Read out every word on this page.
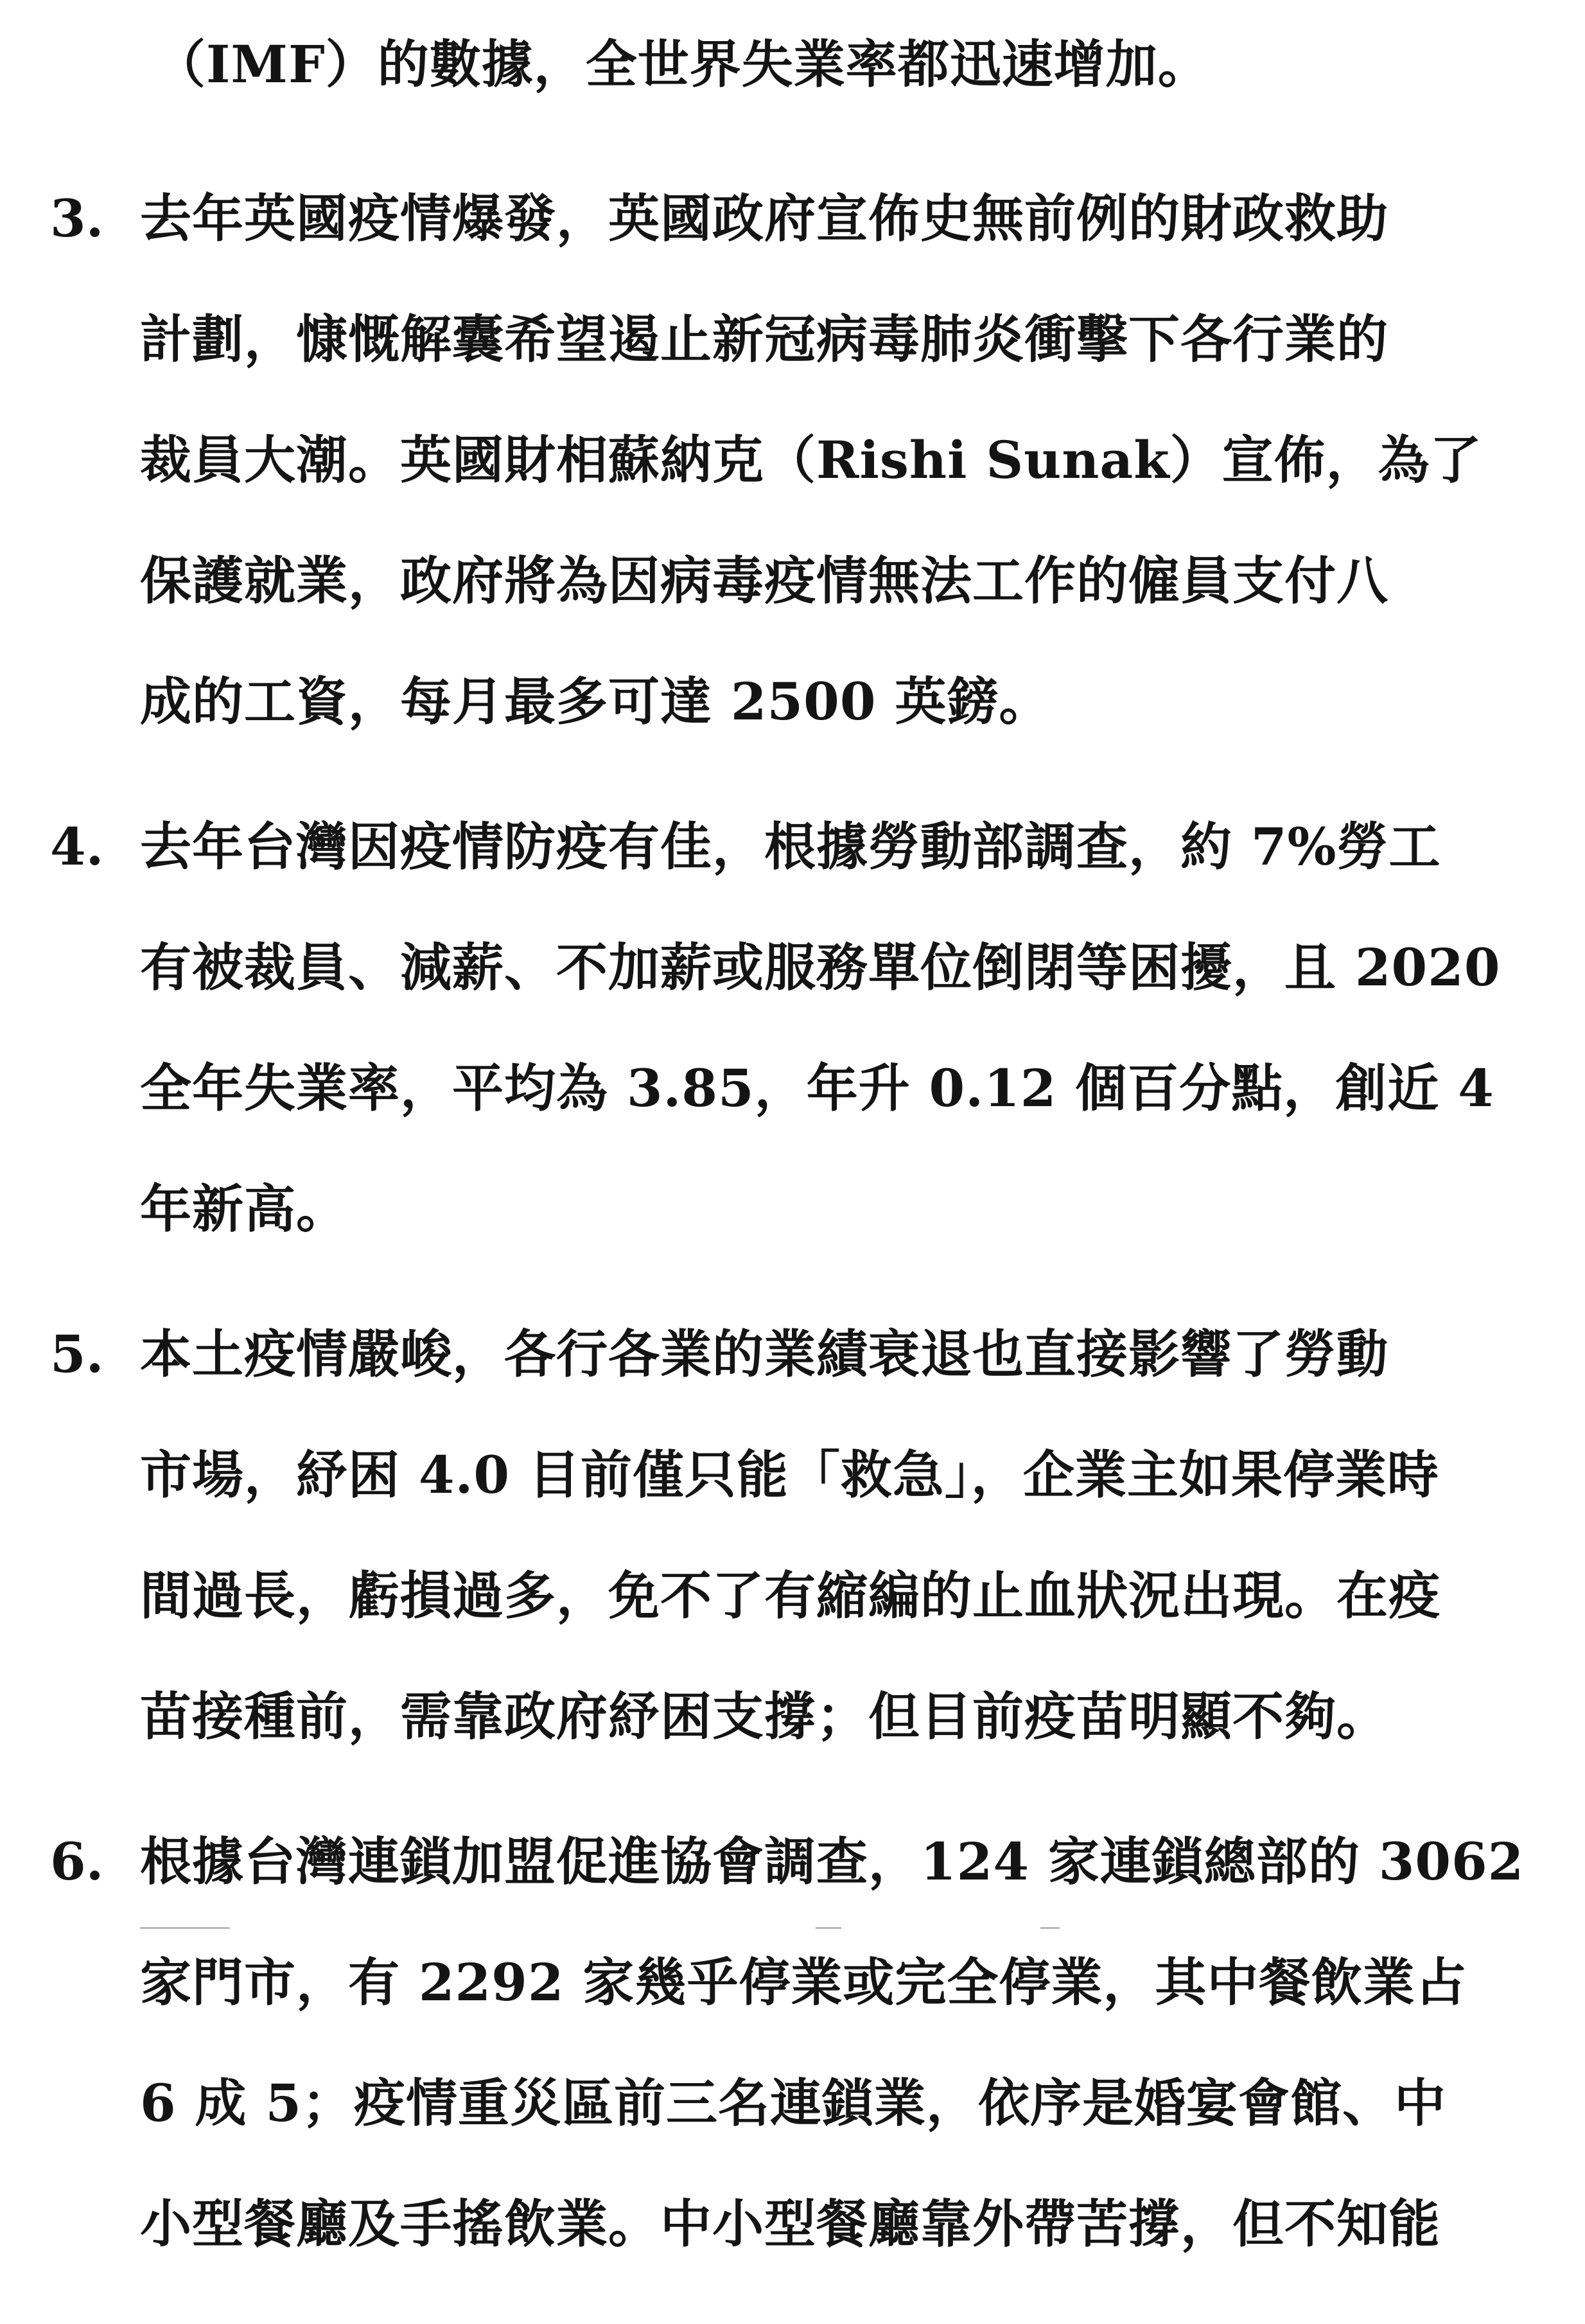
（IMF）的數據，全世界失業率都迅速增加。
3. 去年英國疫情爆發，英國政府宣佈史無前例的財政救助
計劃，慷慨解囊希望遏止新冠病毒肺炎衝擊下各行業的
裁員大潮。英國財相蘇納克（Rishi Sunak）宣佈，為了
保護就業，政府將為因病毒疫情無法工作的僱員支付八
成的工資，每月最多可達 2500 英鎊。
4. 去年台灣因疫情防疫有佳，根據勞動部調查，約 7%勞工
有被裁員、減薪、不加薪或服務單位倒閉等困擾，且 2020
全年失業率，平均為 3.85，年升 0.12 個百分點，創近 4
年新高。
5. 本土疫情嚴峻，各行各業的業績衰退也直接影響了勞動
市場，紓困 4.0 目前僅只能「救急」，企業主如果停業時
間過長，虧損過多，免不了有縮編的止血狀況出現。在疫
苗接種前，需靠政府紓困支撐；但目前疫苗明顯不夠。
6. 根據台灣連鎖加盟促進協會調查，124 家連鎖總部的 3062
家門市，有 2292 家幾乎停業或完全停業，其中餐飲業占
6 成 5；疫情重災區前三名連鎖業，依序是婚宴會館、中
小型餐廳及手搖飲業。中小型餐廳靠外帶苦撐，但不知能
